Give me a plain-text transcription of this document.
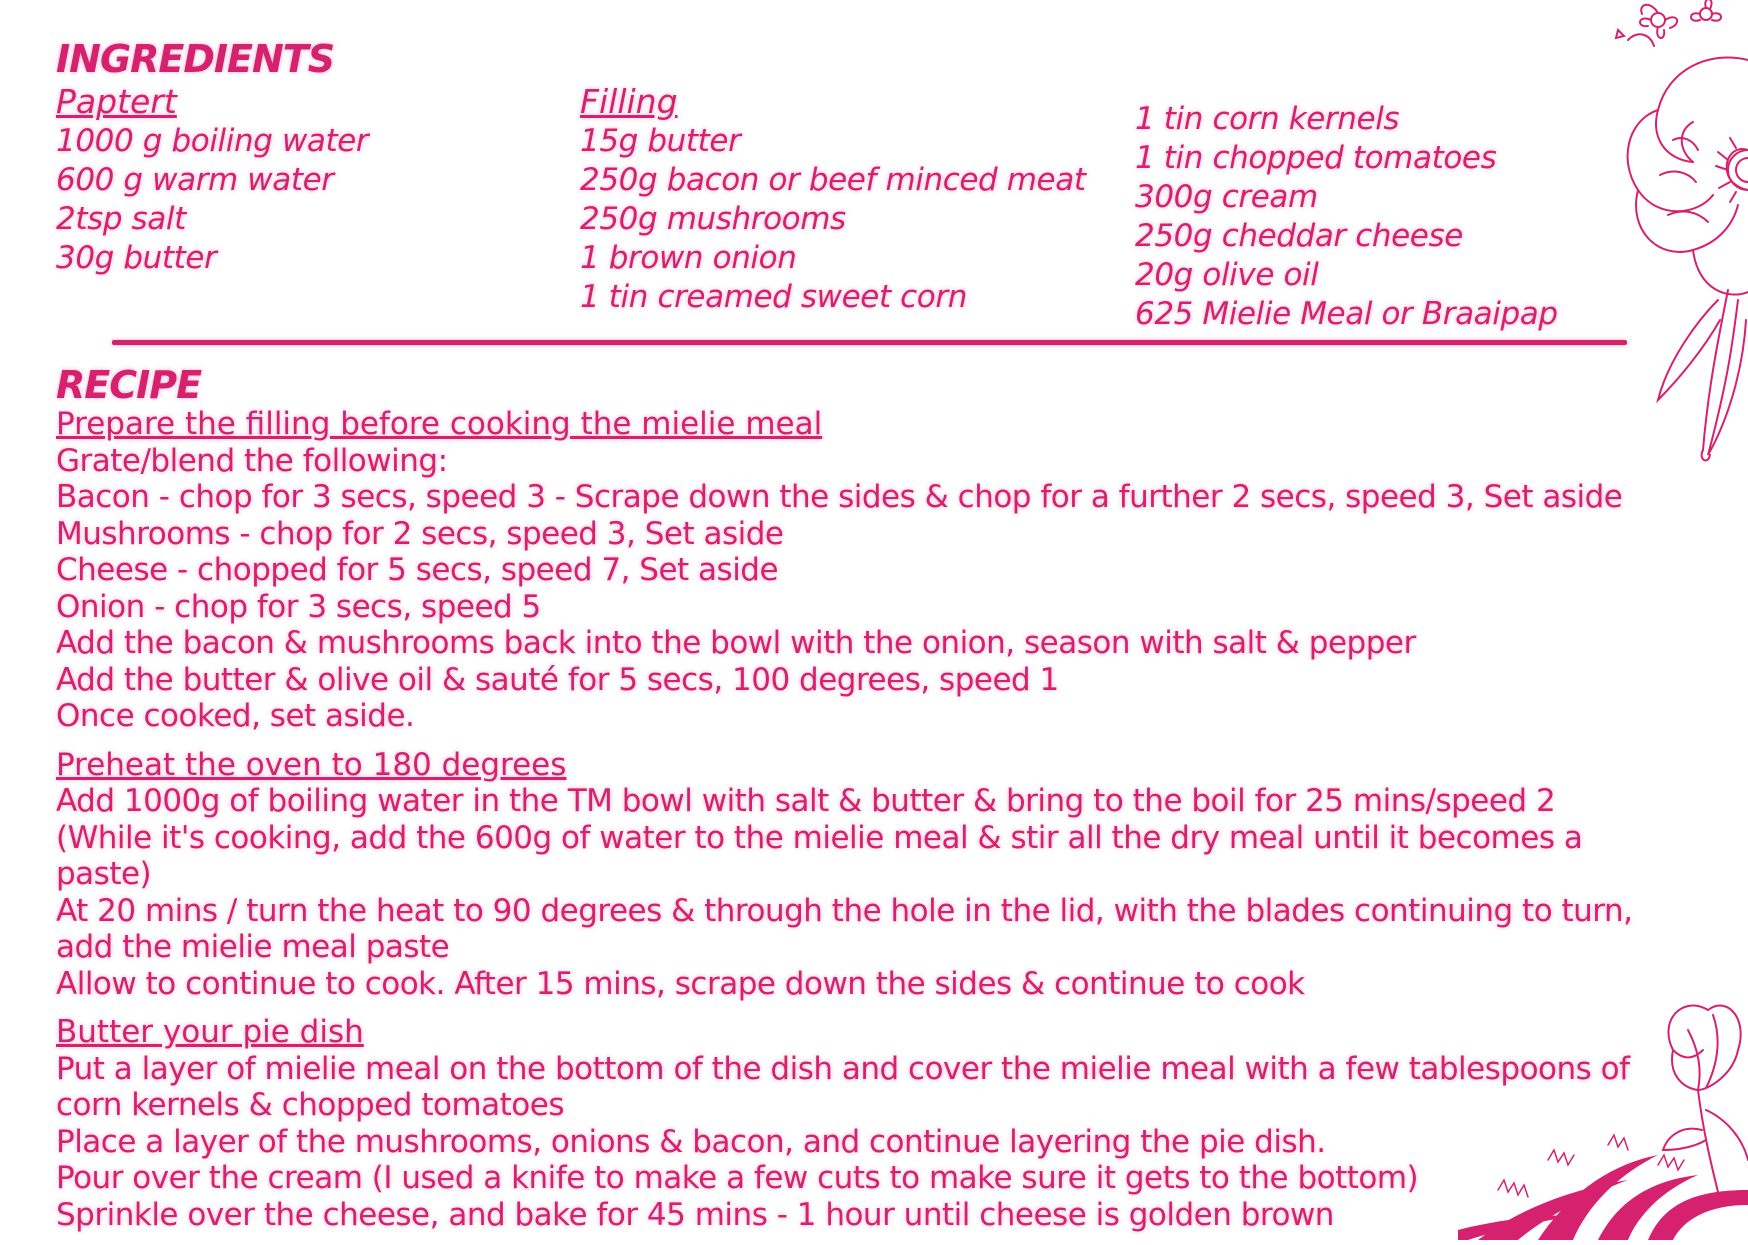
INGREDIENTS
Paptert
1000 g boiling water
600 g warm water
2tsp salt
30g butter
Filling
15g butter
250g bacon or beef minced meat
250g mushrooms
1 brown onion
1 tin creamed sweet corn
1 tin corn kernels
1 tin chopped tomatoes
300g cream
250g cheddar cheese
20g olive oil
625 Mielie Meal or Braaipap
RECIPE
Prepare the filling before cooking the mielie meal
Grate/blend the following:
Bacon - chop for 3 secs, speed 3 - Scrape down the sides & chop for a further 2 secs, speed 3, Set aside
Mushrooms - chop for 2 secs, speed 3, Set aside
Cheese - chopped for 5 secs, speed 7, Set aside
Onion - chop for 3 secs, speed 5
Add the bacon & mushrooms back into the bowl with the onion, season with salt & pepper
Add the butter & olive oil & sauté for 5 secs, 100 degrees, speed 1
Once cooked, set aside.
Preheat the oven to 180 degrees
Add 1000g of boiling water in the TM bowl with salt & butter & bring to the boil for 25 mins/speed 2
(While it's cooking, add the 600g of water to the mielie meal & stir all the dry meal until it becomes a paste)
At 20 mins / turn the heat to 90 degrees & through the hole in the lid, with the blades continuing to turn, add the mielie meal paste
Allow to continue to cook. After 15 mins, scrape down the sides & continue to cook
Butter your pie dish
Put a layer of mielie meal on the bottom of the dish and cover the mielie meal with a few tablespoons of corn kernels & chopped tomatoes
Place a layer of the mushrooms, onions & bacon, and continue layering the pie dish.
Pour over the cream (I used a knife to make a few cuts to make sure it gets to the bottom)
Sprinkle over the cheese, and bake for 45 mins - 1 hour until cheese is golden brown
